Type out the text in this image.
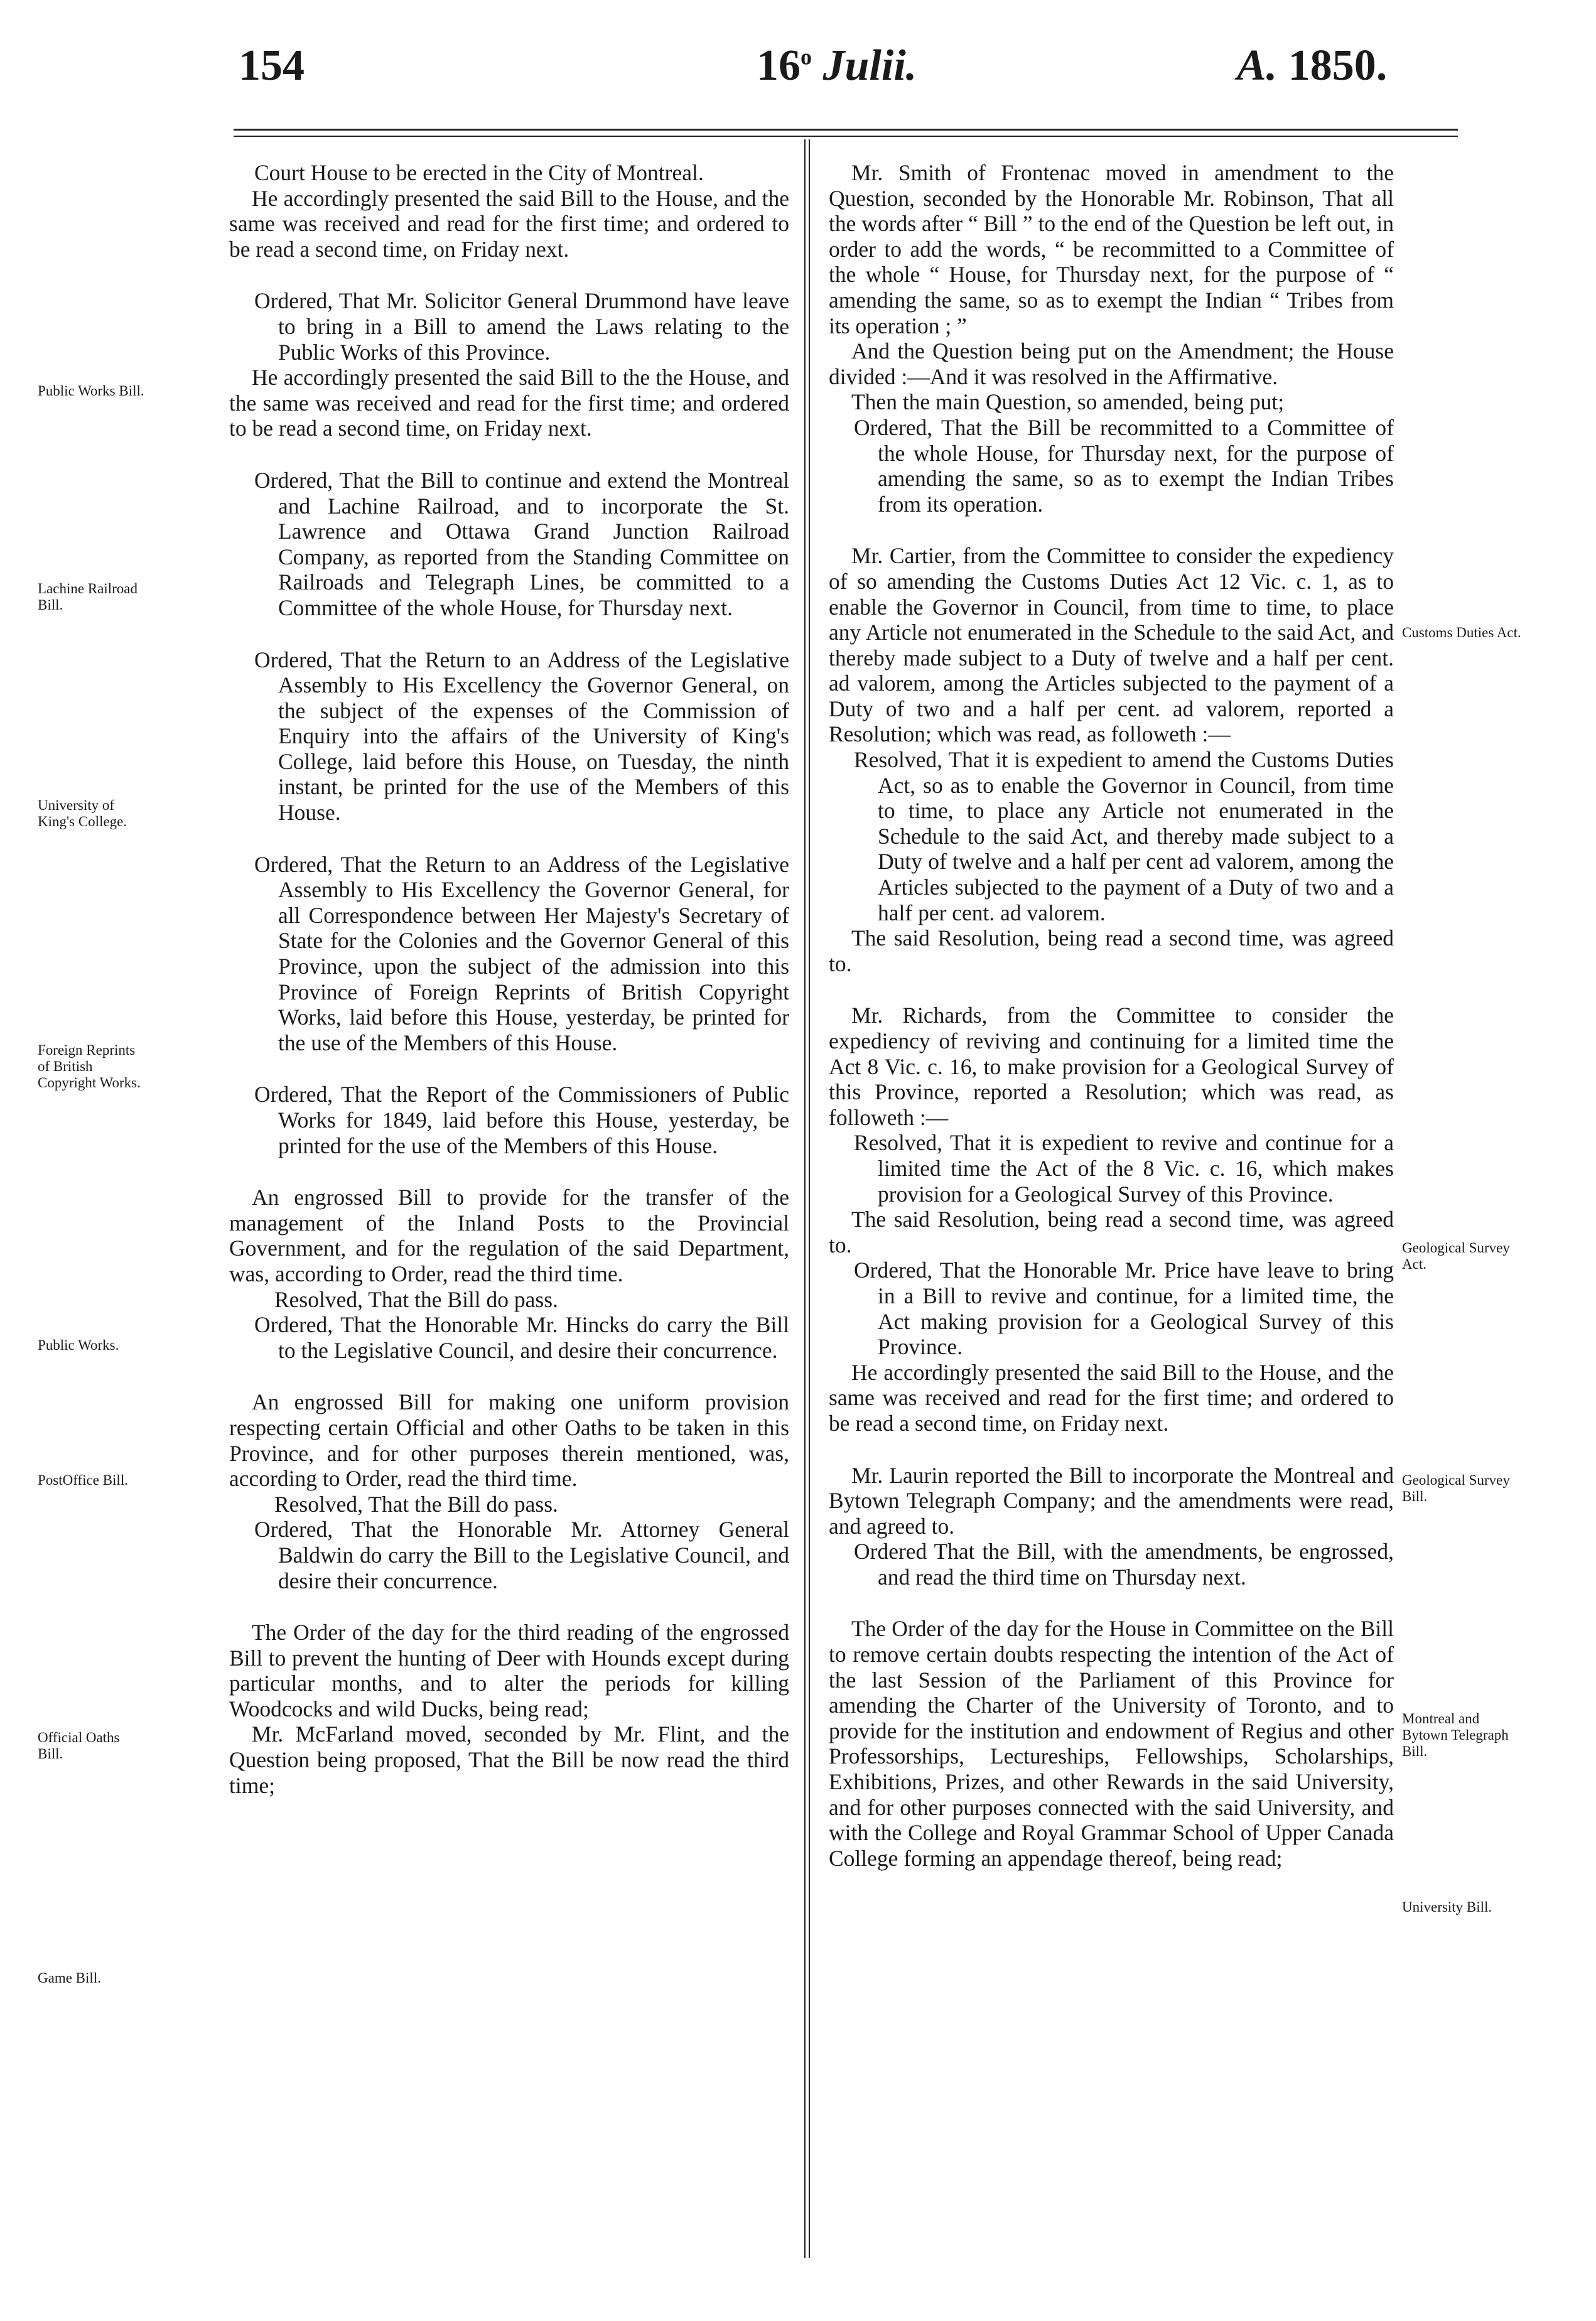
154	16$^o$ Julii.	A. 1850.

Court House to be erected in the City of Montreal.

He accordingly presented the said Bill to the House, and the same was received and read for the first time; and ordered to be read a second time, on Friday next.

Ordered, That Mr. Solicitor General Drummond have leave to bring in a Bill to amend the Laws relating to the Public Works of this Province.

He accordingly presented the said Bill to the the House, and the same was received and read for the first time; and ordered to be read a second time, on Friday next.

Ordered, That the Bill to continue and extend the Montreal and Lachine Railroad, and to incorporate the St. Lawrence and Ottawa Grand Junction Railroad Company, as reported from the Standing Committee on Railroads and Telegraph Lines, be committed to a Committee of the whole House, for Thursday next.

Ordered, That the Return to an Address of the Legislative Assembly to His Excellency the Governor General, on the subject of the expenses of the Commission of Enquiry into the affairs of the University of King's College, laid before this House, on Tuesday, the ninth instant, be printed for the use of the Members of this House.

Ordered, That the Return to an Address of the Legislative Assembly to His Excellency the Governor General, for all Correspondence between Her Majesty's Secretary of State for the Colonies and the Governor General of this Province, upon the subject of the admission into this Province of Foreign Reprints of British Copyright Works, laid before this House, yesterday, be printed for the use of the Members of this House.

Ordered, That the Report of the Commissioners of Public Works for 1849, laid before this House, yesterday, be printed for the use of the Members of this House.

An engrossed Bill to provide for the transfer of the management of the Inland Posts to the Provincial Government, and for the regulation of the said Department, was, according to Order, read the third time.

Resolved, That the Bill do pass.

Ordered, That the Honorable Mr. Hincks do carry the Bill to the Legislative Council, and desire their concurrence.

An engrossed Bill for making one uniform provision respecting certain Official and other Oaths to be taken in this Province, and for other purposes therein mentioned, was, according to Order, read the third time.

Resolved, That the Bill do pass.

Ordered, That the Honorable Mr. Attorney General Baldwin do carry the Bill to the Legislative Council, and desire their concurrence.

The Order of the day for the third reading of the engrossed Bill to prevent the hunting of Deer with Hounds except during particular months, and to alter the periods for killing Woodcocks and wild Ducks, being read;

Mr. McFarland moved, seconded by Mr. Flint, and the Question being proposed, That the Bill be now read the third time;

Mr. Smith of Frontenac moved in amendment to the Question, seconded by the Honorable Mr. Robinson, That all the words after “ Bill ” to the end of the Question be left out, in order to add the words, “ be recommitted to a Committee of the whole “ House, for Thursday next, for the purpose of “ amending the same, so as to exempt the Indian “ Tribes from its operation ; ”

And the Question being put on the Amendment; the House divided :—And it was resolved in the Affirmative.

Then the main Question, so amended, being put;

Ordered, That the Bill be recommitted to a Committee of the whole House, for Thursday next, for the purpose of amending the same, so as to exempt the Indian Tribes from its operation.

Mr. Cartier, from the Committee to consider the expediency of so amending the Customs Duties Act 12 Vic. c. 1, as to enable the Governor in Council, from time to time, to place any Article not enumerated in the Schedule to the said Act, and thereby made subject to a Duty of twelve and a half per cent. ad valorem, among the Articles subjected to the payment of a Duty of two and a half per cent. ad valorem, reported a Resolution; which was read, as followeth :—

Resolved, That it is expedient to amend the Customs Duties Act, so as to enable the Governor in Council, from time to time, to place any Article not enumerated in the Schedule to the said Act, and thereby made subject to a Duty of twelve and a half per cent ad valorem, among the Articles subjected to the payment of a Duty of two and a half per cent. ad valorem.

The said Resolution, being read a second time, was agreed to.

Mr. Richards, from the Committee to consider the expediency of reviving and continuing for a limited time the Act 8 Vic. c. 16, to make provision for a Geological Survey of this Province, reported a Resolution; which was read, as followeth :—

Resolved, That it is expedient to revive and continue for a limited time the Act of the 8 Vic. c. 16, which makes provision for a Geological Survey of this Province.

The said Resolution, being read a second time, was agreed to.

Ordered, That the Honorable Mr. Price have leave to bring in a Bill to revive and continue, for a limited time, the Act making provision for a Geological Survey of this Province.

He accordingly presented the said Bill to the House, and the same was received and read for the first time; and ordered to be read a second time, on Friday next.

Mr. Laurin reported the Bill to incorporate the Montreal and Bytown Telegraph Company; and the amendments were read, and agreed to.

Ordered That the Bill, with the amendments, be engrossed, and read the third time on Thursday next.

The Order of the day for the House in Committee on the Bill to remove certain doubts respecting the intention of the Act of the last Session of the Parliament of this Province for amending the Charter of the University of Toronto, and to provide for the institution and endowment of Regius and other Professorships, Lectureships, Fellowships, Scholarships, Exhibitions, Prizes, and other Rewards in the said University, and for other purposes connected with the said University, and with the College and Royal Grammar School of Upper Canada College forming an appendage thereof, being read;

Public Works Bill.
Lachine Railroad Bill.
University of King's College.
Foreign Reprints of British Copyright Works.
Public Works.
PostOffice Bill.
Official Oaths Bill.
Game Bill.
Customs Duties Act.
Geological Survey Act.
Geological Survey Bill.
Montreal and Bytown Telegraph Bill.
University Bill.
